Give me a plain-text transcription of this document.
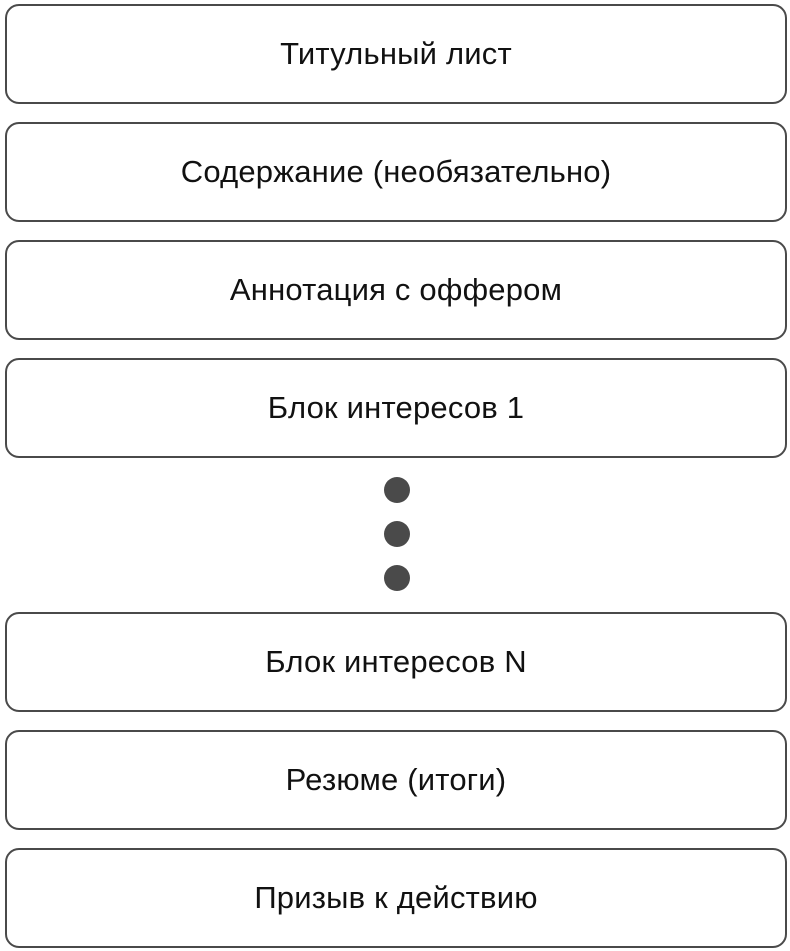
Титульный лист
Содержание (необязательно)
Аннотация с оффером
Блок интересов 1
Блок интересов N
Резюме (итоги)
Призыв к действию
